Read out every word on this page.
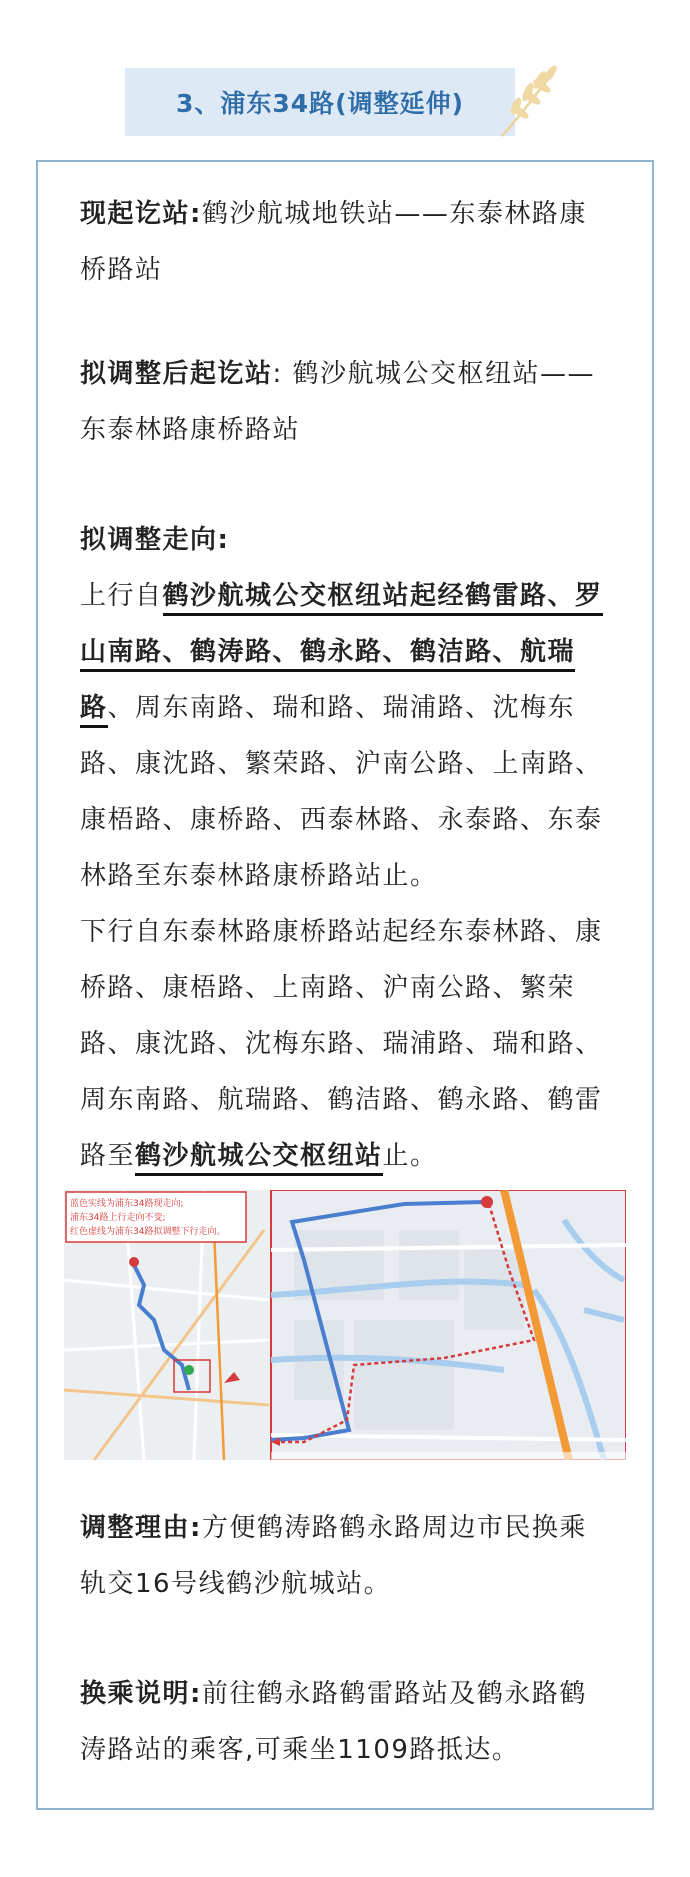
3、浦东34路(调整延伸)
现起讫站:鹤沙航城地铁站——东泰林路康桥路站
拟调整后起讫站: 鹤沙航城公交枢纽站——东泰林路康桥路站
拟调整走向:
上行自鹤沙航城公交枢纽站起经鹤雷路、罗山南路、鹤涛路、鹤永路、鹤洁路、航瑞路、周东南路、瑞和路、瑞浦路、沈梅东路、康沈路、繁荣路、沪南公路、上南路、康梧路、康桥路、西泰林路、永泰路、东泰林路至东泰林路康桥路站止。
下行自东泰林路康桥路站起经东泰林路、康桥路、康梧路、上南路、沪南公路、繁荣路、康沈路、沈梅东路、瑞浦路、瑞和路、周东南路、航瑞路、鹤洁路、鹤永路、鹤雷路至鹤沙航城公交枢纽站止。
蓝色实线为浦东34路现走向;
浦东34路上行走向不变;
红色虚线为浦东34路拟调整下行走向。
调整理由:方便鹤涛路鹤永路周边市民换乘轨交16号线鹤沙航城站。
换乘说明:前往鹤永路鹤雷路站及鹤永路鹤涛路站的乘客,可乘坐1109路抵达。
